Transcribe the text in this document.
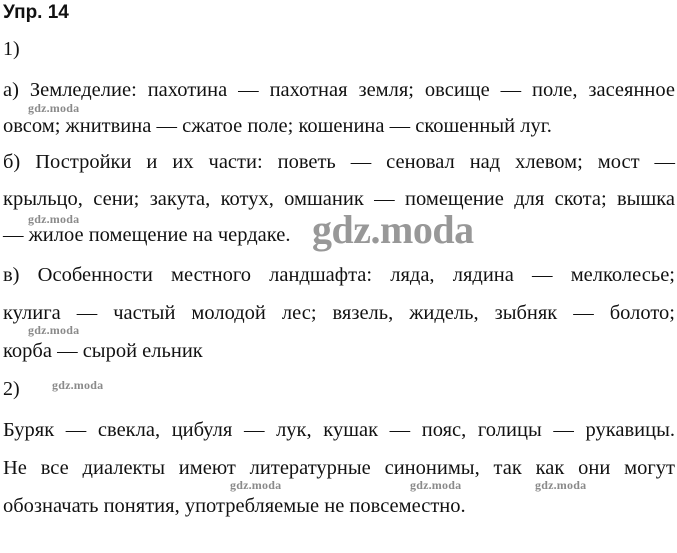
Упр. 14
1)
а) Земледелие: пахотина — пахотная земля; овсище — поле, засеянное
овсом; жнитвина — сжатое поле; кошенина — скошенный луг.
б) Постройки и их части: поветь — сеновал над хлевом; мост —
крыльцо, сени; закута, котух, омшаник — помещение для скота; вышка
— жилое помещение на чердаке.
в) Особенности местного ландшафта: ляда, лядина — мелколесье;
кулига — частый молодой лес; вязель, жидель, зыбняк — болото;
корба — сырой ельник
2)
Буряк — свекла, цибуля — лук, кушак — пояс, голицы — рукавицы.
Не все диалекты имеют литературные синонимы, так как они могут
обозначать понятия, употребляемые не повсеместно.
gdz.moda
gdz.moda
gdz.moda
gdz.moda
gdz.moda	gdz.moda	gdz.moda
gdz.moda
